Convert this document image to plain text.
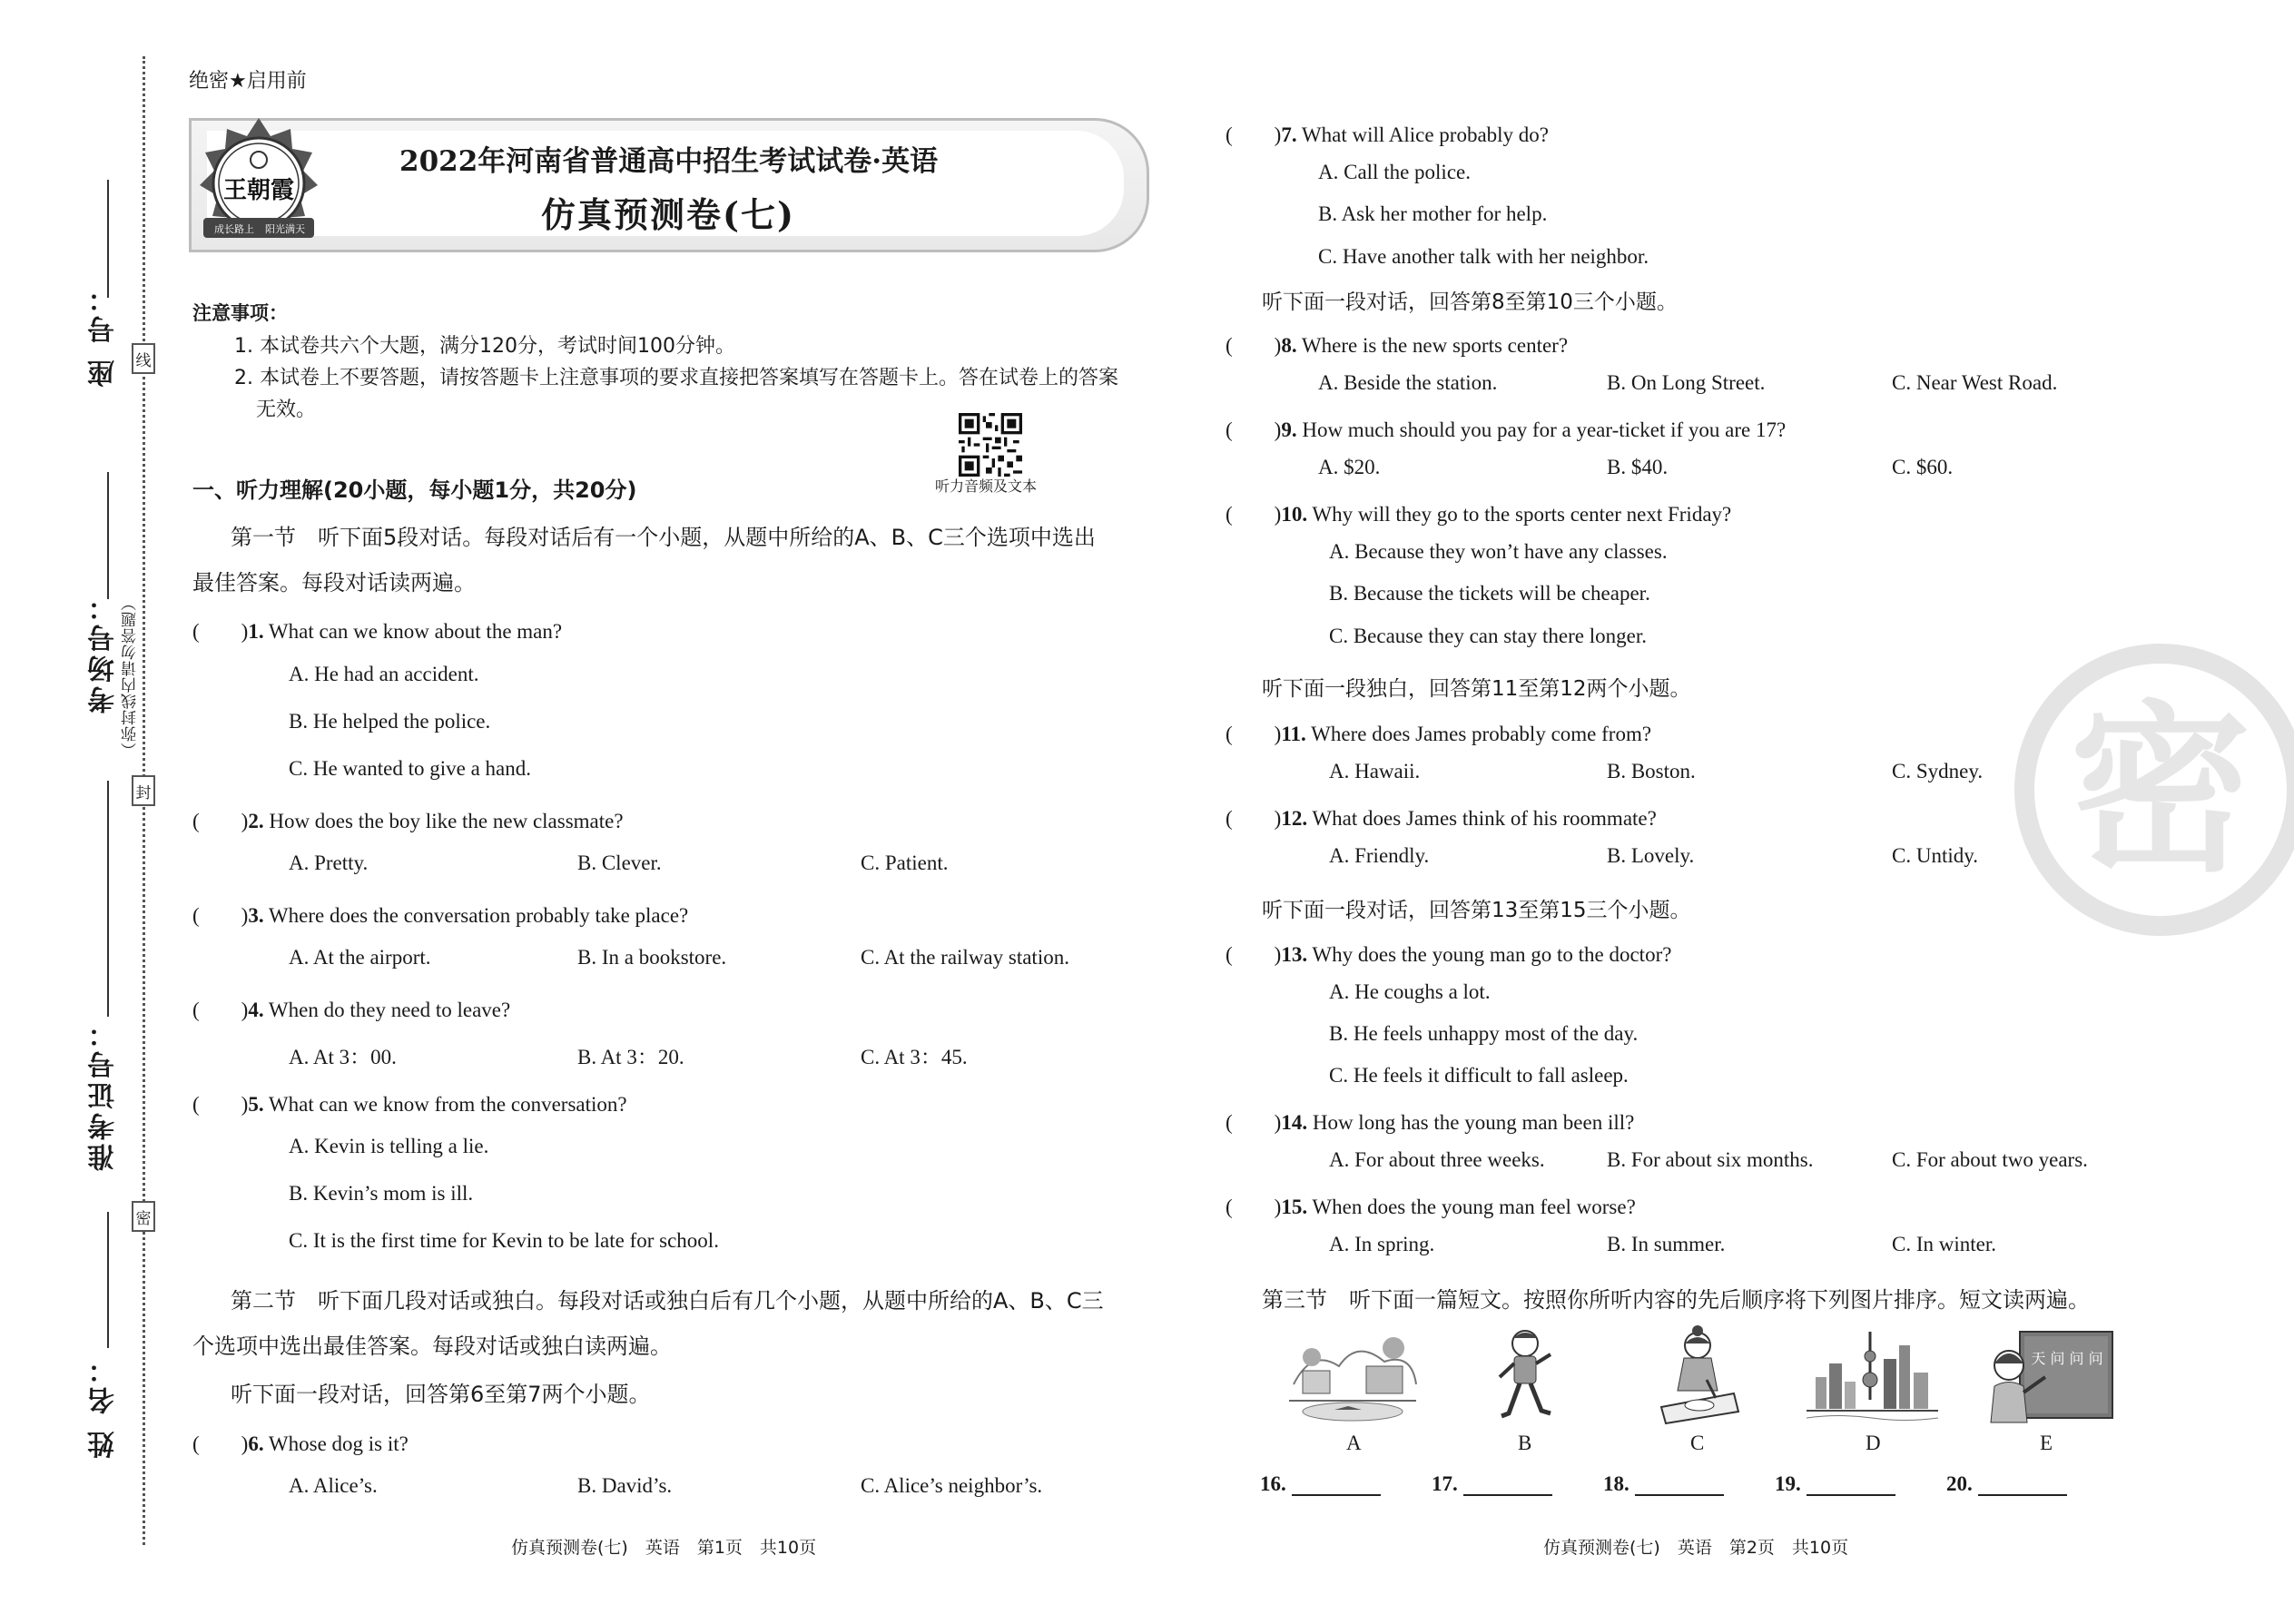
座 号：
考场号：
准考证号：
姓 名：
线
封
密
（弥封线内请勿答题）
绝密★启用前
王朝霞
成长路上 阳光满天
2022年河南省普通高中招生考试试卷·英语
仿真预测卷(七)
注意事项：
1. 本试卷共六个大题，满分120分，考试时间100分钟。
2. 本试卷上不要答题，请按答题卡上注意事项的要求直接把答案填写在答题卡上。答在试卷上的答案
无效。
听力音频及文本
一、听力理解(20小题，每小题1分，共20分)
第一节　听下面5段对话。每段对话后有一个小题，从题中所给的A、B、C三个选项中选出
最佳答案。每段对话读两遍。
(　　)1. What can we know about the man?
A. He had an accident.
B. He helped the police.
C. He wanted to give a hand.
(　　)2. How does the boy like the new classmate?
A. Pretty.	B. Clever.	C. Patient.
(　　)3. Where does the conversation probably take place?
A. At the airport.	B. In a bookstore.	C. At the railway station.
(　　)4. When do they need to leave?
A. At 3：00.	B. At 3：20.	C. At 3：45.
(　　)5. What can we know from the conversation?
A. Kevin is telling a lie.
B. Kevin’s mom is ill.
C. It is the first time for Kevin to be late for school.
第二节　听下面几段对话或独白。每段对话或独白后有几个小题，从题中所给的A、B、C三
个选项中选出最佳答案。每段对话或独白读两遍。
听下面一段对话，回答第6至第7两个小题。
(　　)6. Whose dog is it?
A. Alice’s.	B. David’s.	C. Alice’s neighbor’s.
仿真预测卷(七)　英语　第1页　共10页
密
(　　)7. What will Alice probably do?
A. Call the police.
B. Ask her mother for help.
C. Have another talk with her neighbor.
听下面一段对话，回答第8至第10三个小题。
(　　)8. Where is the new sports center?
A. Beside the station.	B. On Long Street.	C. Near West Road.
(　　)9. How much should you pay for a year-ticket if you are 17?
A. $20.	B. $40.	C. $60.
(　　)10. Why will they go to the sports center next Friday?
A. Because they won’t have any classes.
B. Because the tickets will be cheaper.
C. Because they can stay there longer.
听下面一段独白，回答第11至第12两个小题。
(　　)11. Where does James probably come from?
A. Hawaii.	B. Boston.	C. Sydney.
(　　)12. What does James think of his roommate?
A. Friendly.	B. Lovely.	C. Untidy.
听下面一段对话，回答第13至第15三个小题。
(　　)13. Why does the young man go to the doctor?
A. He coughs a lot.
B. He feels unhappy most of the day.
C. He feels it difficult to fall asleep.
(　　)14. How long has the young man been ill?
A. For about three weeks.	B. For about six months.	C. For about two years.
(　　)15. When does the young man feel worse?
A. In spring.	B. In summer.	C. In winter.
第三节　听下面一篇短文。按照你所听内容的先后顺序将下列图片排序。短文读两遍。
天 问 问 问
A	B	C	D	E
16.	17.	18.	19.	20.
仿真预测卷(七)　英语　第2页　共10页
